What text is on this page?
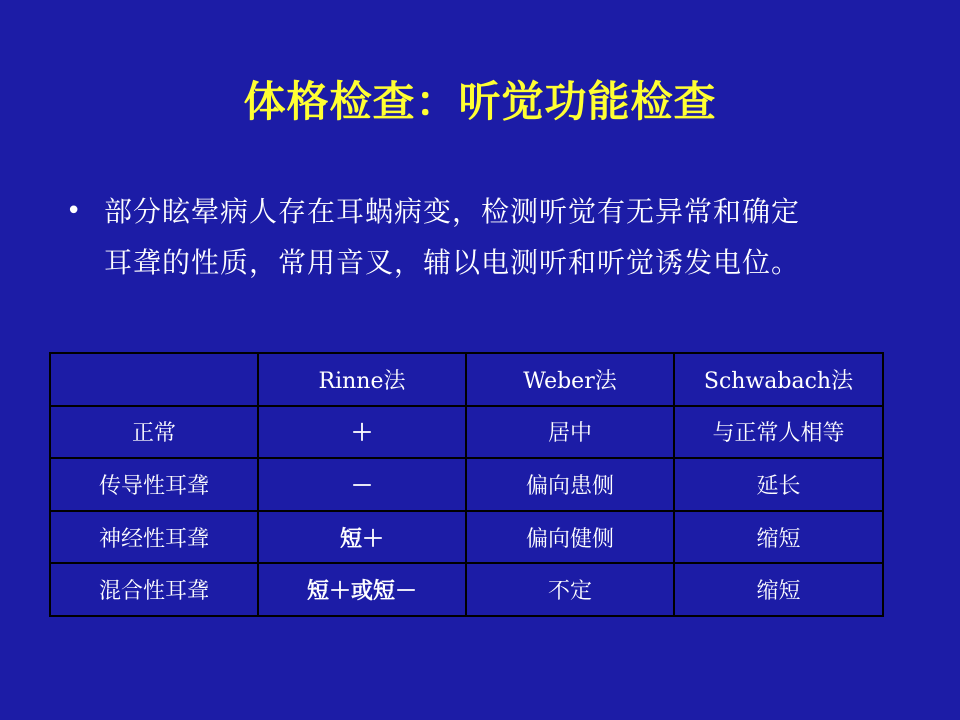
体格检查：听觉功能检查
• 部分眩晕病人存在耳蜗病变，检测听觉有无异常和确定
耳聋的性质，常用音叉，辅以电测听和听觉诱发电位。
	Rinne法	Weber法	Schwabach法
正常	＋	居中	与正常人相等
传导性耳聋	－	偏向患侧	延长
神经性耳聋	短＋	偏向健侧	缩短
混合性耳聋	短＋或短－	不定	缩短
